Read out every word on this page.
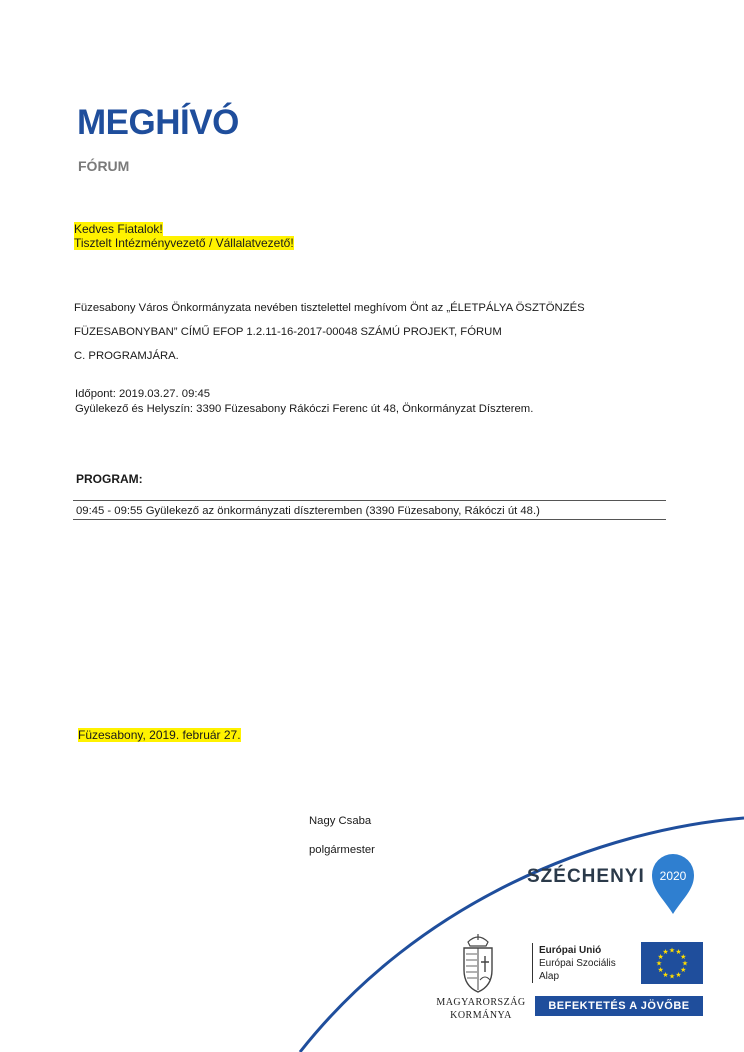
MEGHÍVÓ
FÓRUM
Kedves Fiatalok!
Tisztelt Intézményvezető / Vállalatvezető!
Füzesabony Város Önkormányzata nevében tisztelettel meghívom Önt az „ÉLETPÁLYA ÖSZTÖNZÉS
FÜZESABONYBAN” CÍMŰ EFOP 1.2.11-16-2017-00048 SZÁMÚ PROJEKT, FÓRUM
C. PROGRAMJÁRA.
Időpont: 2019.03.27. 09:45
Gyülekező és Helyszín: 3390 Füzesabony Rákóczi Ferenc út 48, Önkormányzat Díszterem.
PROGRAM:
09:45 - 09:55 Gyülekező az önkormányzati díszteremben (3390 Füzesabony, Rákóczi út 48.)
Füzesabony, 2019. február 27.
Nagy Csaba
polgármester
SZÉCHENYI 2020
MAGYARORSZÁG
KORMÁNYA
Európai Unió
Európai Szociális
Alap
★ ★
★
★
★
★
★
★
★
★
★
★
BEFEKTETÉS A JÖVŐBE
